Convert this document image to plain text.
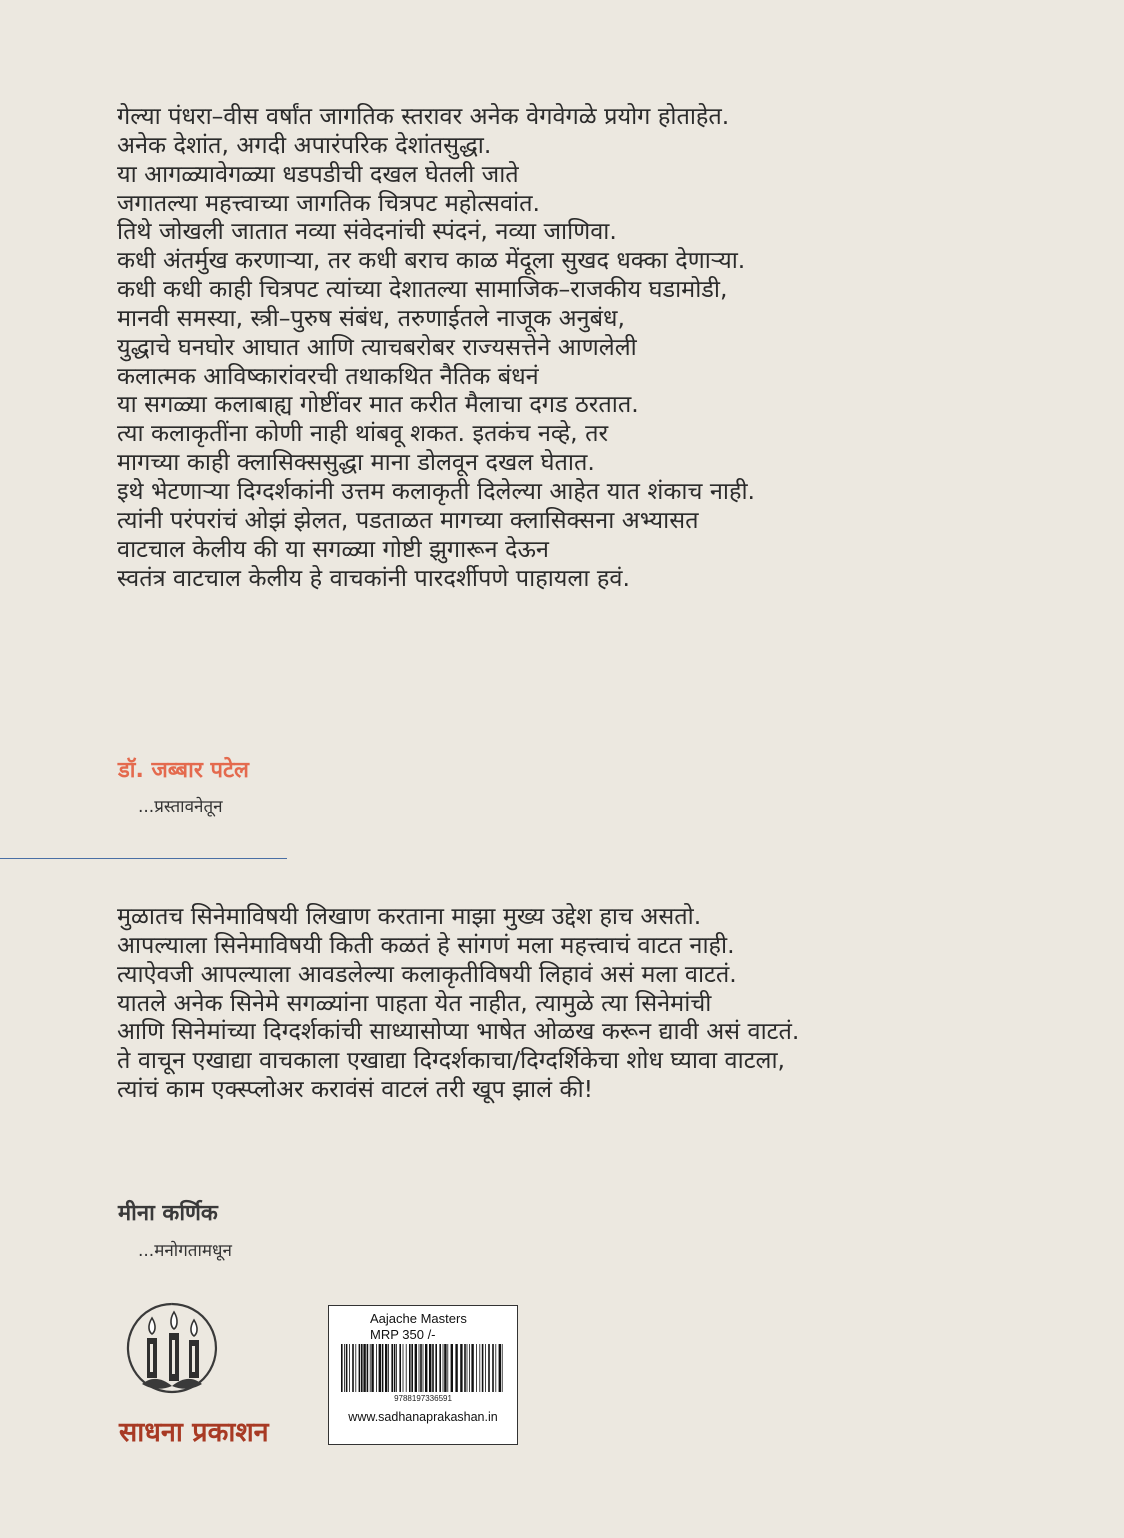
गेल्या पंधरा–वीस वर्षांत जागतिक स्तरावर अनेक वेगवेगळे प्रयोग होताहेत.
अनेक देशांत, अगदी अपारंपरिक देशांतसुद्धा.
या आगळ्यावेगळ्या धडपडीची दखल घेतली जाते
जगातल्या महत्त्वाच्या जागतिक चित्रपट महोत्सवांत.
तिथे जोखली जातात नव्या संवेदनांची स्पंदनं, नव्या जाणिवा.
कधी अंतर्मुख करणाऱ्या, तर कधी बराच काळ मेंदूला सुखद धक्का देणाऱ्या.
कधी कधी काही चित्रपट त्यांच्या देशातल्या सामाजिक–राजकीय घडामोडी,
मानवी समस्या, स्त्री–पुरुष संबंध, तरुणाईतले नाजूक अनुबंध,
युद्धाचे घनघोर आघात आणि त्याचबरोबर राज्यसत्तेने आणलेली
कलात्मक आविष्कारांवरची तथाकथित नैतिक बंधनं
या सगळ्या कलाबाह्य गोष्टींवर मात करीत मैलाचा दगड ठरतात.
त्या कलाकृतींना कोणी नाही थांबवू शकत. इतकंच नव्हे, तर
मागच्या काही क्लासिक्ससुद्धा माना डोलवून दखल घेतात.
इथे भेटणाऱ्या दिग्दर्शकांनी उत्तम कलाकृती दिलेल्या आहेत यात शंकाच नाही.
त्यांनी परंपरांचं ओझं झेलत, पडताळत मागच्या क्लासिक्सना अभ्यासत
वाटचाल केलीय की या सगळ्या गोष्टी झुगारून देऊन
स्वतंत्र वाटचाल केलीय हे वाचकांनी पारदर्शीपणे पाहायला हवं.
डॉ. जब्बार पटेल
...प्रस्तावनेतून
मुळातच सिनेमाविषयी लिखाण करताना माझा मुख्य उद्देश हाच असतो.
आपल्याला सिनेमाविषयी किती कळतं हे सांगणं मला महत्त्वाचं वाटत नाही.
त्याऐवजी आपल्याला आवडलेल्या कलाकृतीविषयी लिहावं असं मला वाटतं.
यातले अनेक सिनेमे सगळ्यांना पाहता येत नाहीत, त्यामुळे त्या सिनेमांची
आणि सिनेमांच्या दिग्दर्शकांची साध्यासोप्या भाषेत ओळख करून द्यावी असं वाटतं.
ते वाचून एखाद्या वाचकाला एखाद्या दिग्दर्शकाचा/दिग्दर्शिकेचा शोध घ्यावा वाटला,
त्यांचं काम एक्स्प्लोअर करावंसं वाटलं तरी खूप झालं की!
मीना कर्णिक
...मनोगतामधून
साधना प्रकाशन
Aajache Masters
MRP 350 /-
9788197336591
www.sadhanaprakashan.in
